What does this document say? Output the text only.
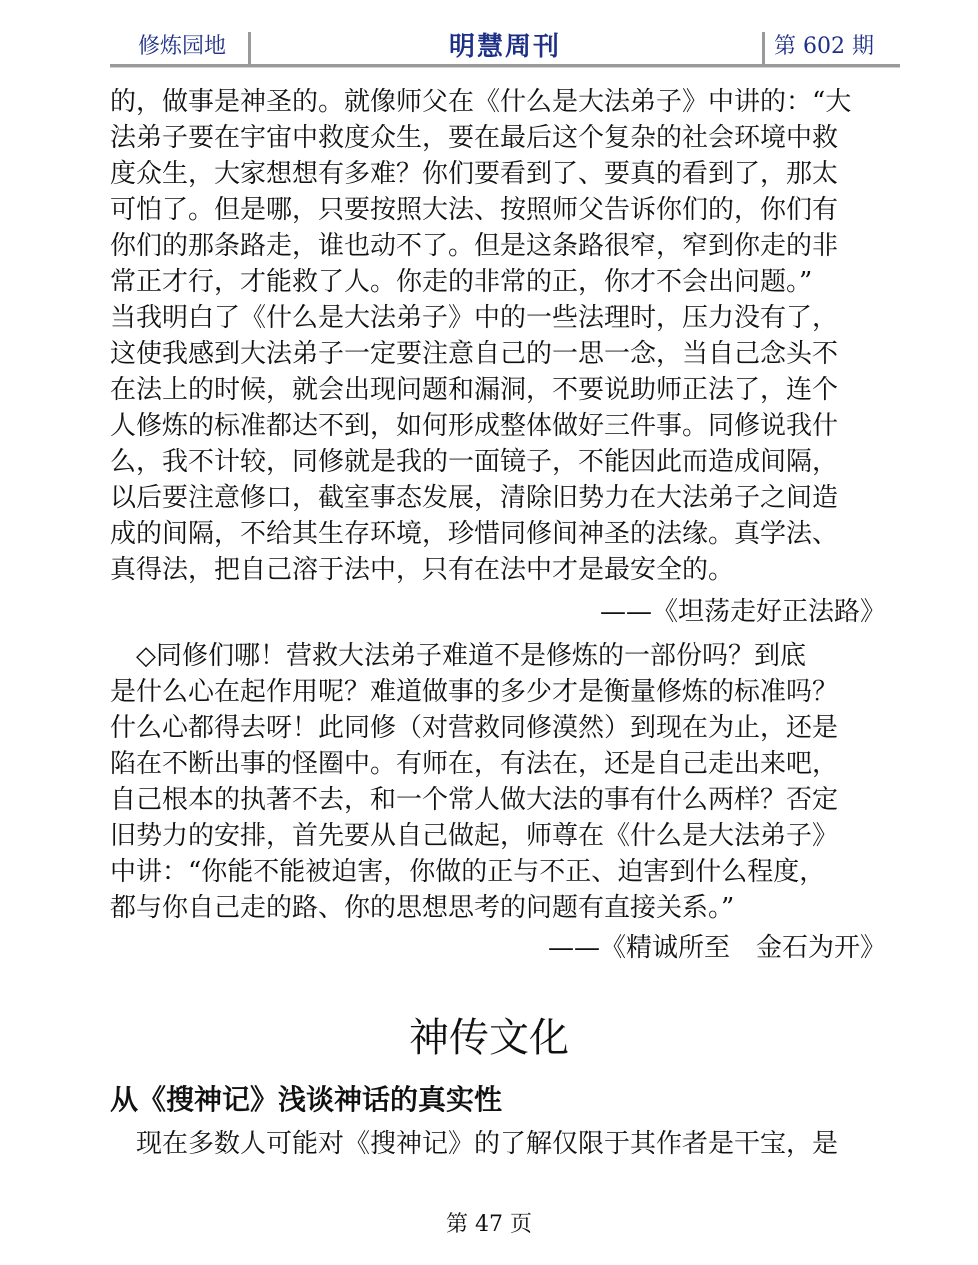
修炼园地	明慧周刊	第 602 期
的，做事是神圣的。就像师父在《什么是大法弟子》中讲的：“大
法弟子要在宇宙中救度众生，要在最后这个复杂的社会环境中救
度众生，大家想想有多难？你们要看到了、要真的看到了，那太
可怕了。但是哪，只要按照大法、按照师父告诉你们的，你们有
你们的那条路走，谁也动不了。但是这条路很窄，窄到你走的非
常正才行，才能救了人。你走的非常的正，你才不会出问题。”
当我明白了《什么是大法弟子》中的一些法理时，压力没有了，
这使我感到大法弟子一定要注意自己的一思一念，当自己念头不
在法上的时候，就会出现问题和漏洞，不要说助师正法了，连个
人修炼的标准都达不到，如何形成整体做好三件事。同修说我什
么，我不计较，同修就是我的一面镜子，不能因此而造成间隔，
以后要注意修口，截室事态发展，清除旧势力在大法弟子之间造
成的间隔，不给其生存环境，珍惜同修间神圣的法缘。真学法、
真得法，把自己溶于法中，只有在法中才是最安全的。
——《坦荡走好正法路》
　◇同修们哪！营救大法弟子难道不是修炼的一部份吗？到底
是什么心在起作用呢？难道做事的多少才是衡量修炼的标准吗？
什么心都得去呀！此同修（对营救同修漠然）到现在为止，还是
陷在不断出事的怪圈中。有师在，有法在，还是自己走出来吧，
自己根本的执著不去，和一个常人做大法的事有什么两样？否定
旧势力的安排，首先要从自己做起，师尊在《什么是大法弟子》
中讲：“你能不能被迫害，你做的正与不正、迫害到什么程度，
都与你自己走的路、你的思想思考的问题有直接关系。”
——《精诚所至　金石为开》
神传文化
从《搜神记》浅谈神话的真实性
　现在多数人可能对《搜神记》的了解仅限于其作者是干宝，是
第 47 页
